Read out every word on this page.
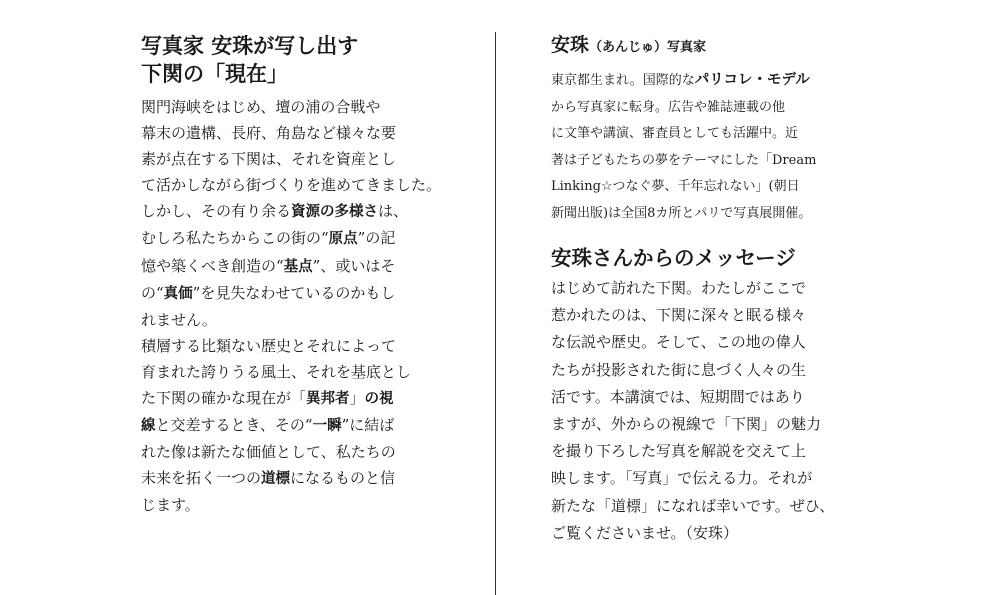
写真家 安珠が写し出す
下関の「現在」
関門海峡をはじめ、壇の浦の合戦や
幕末の遺構、長府、角島など様々な要
素が点在する下関は、それを資産とし
て活かしながら街づくりを進めてきました。
しかし、その有り余る資源の多様さは、
むしろ私たちからこの街の“原点”の記
憶や築くべき創造の“基点”、或いはそ
の“真価”を見失なわせているのかもし
れません。
積層する比類ない歴史とそれによって
育まれた誇りうる風土、それを基底とし
た下関の確かな現在が「異邦者」の視
線と交差するとき、その“一瞬”に結ば
れた像は新たな価値として、私たちの
未来を拓く一つの道標になるものと信
じます。
安珠（あんじゅ）写真家
東京都生まれ。国際的なパリコレ・モデル
から写真家に転身。広告や雑誌連載の他
に文筆や講演、審査員としても活躍中。近
著は子どもたちの夢をテーマにした「Dream
Linking☆つなぐ夢、千年忘れない」(朝日
新聞出版)は全国8カ所とパリで写真展開催。
安珠さんからのメッセージ
はじめて訪れた下関。わたしがここで
惹かれたのは、下関に深々と眠る様々
な伝説や歴史。そして、この地の偉人
たちが投影された街に息づく人々の生
活です。本講演では、短期間ではあり
ますが、外からの視線で「下関」の魅力
を撮り下ろした写真を解説を交えて上
映します。「写真」で伝える力。それが
新たな「道標」になれば幸いです。ぜひ、
ご覧くださいませ。（安珠）
